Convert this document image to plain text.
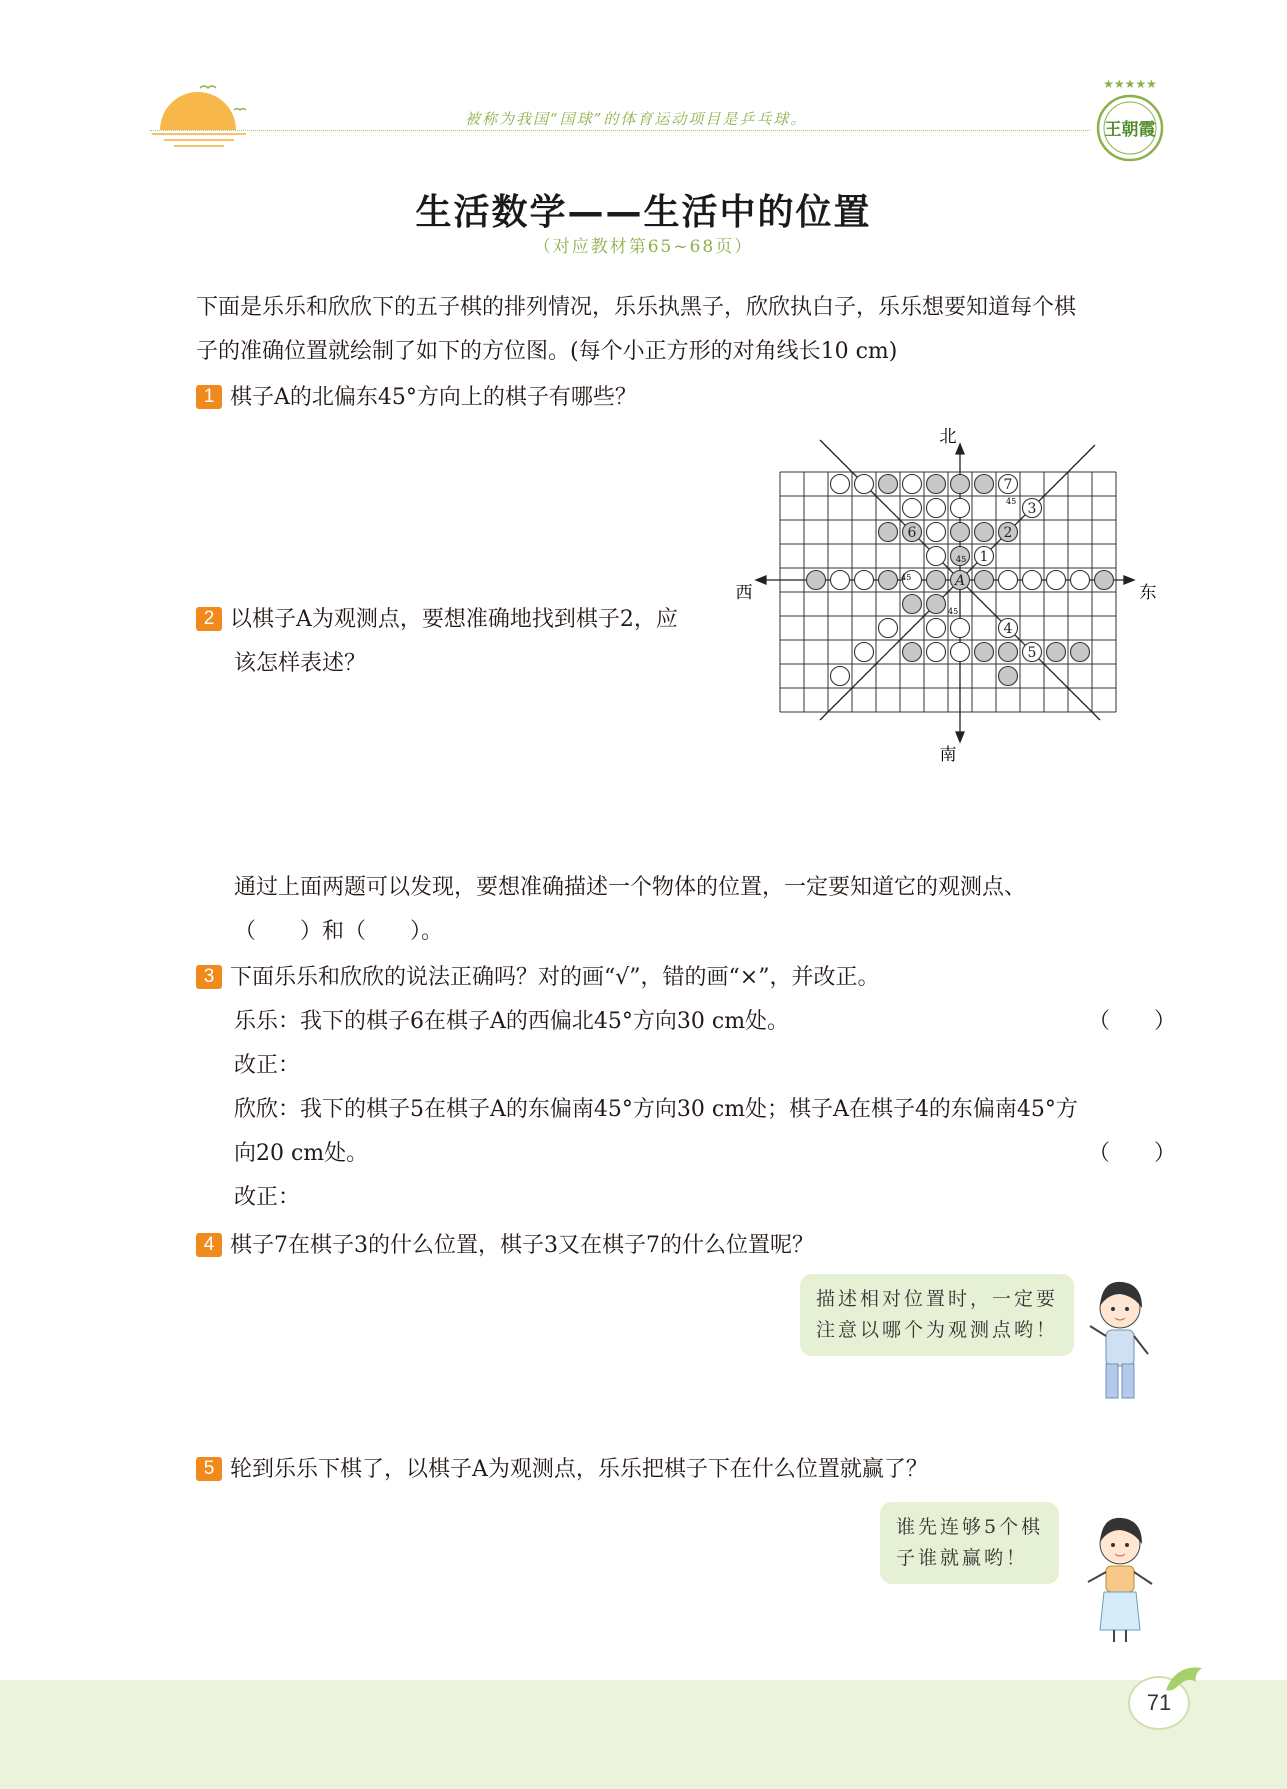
被称为我国“国球”的体育运动项目是乒乓球。
★★★★★
王朝霞
生活数学——生活中的位置
（对应教材第65~68页）
下面是乐乐和欣欣下的五子棋的排列情况，乐乐执黑子，欣欣执白子，乐乐想要知道每个棋
子的准确位置就绘制了如下的方位图。(每个小正方形的对角线长10 cm)
1 棋子A的北偏东45°方向上的棋子有哪些？
2 以棋子A为观测点，要想准确地找到棋子2，应
该怎样表述？
1
2
3
4
5
6
7
A
北
南
西	东
45
45
45
45
通过上面两题可以发现，要想准确描述一个物体的位置，一定要知道它的观测点、
（　　）和（　　）。
3 下面乐乐和欣欣的说法正确吗？对的画“√”，错的画“×”，并改正。
乐乐：我下的棋子6在棋子A的西偏北45°方向30 cm处。	（　　）
改正：
欣欣：我下的棋子5在棋子A的东偏南45°方向30 cm处；棋子A在棋子4的东偏南45°方
向20 cm处。	（　　）
改正：
4 棋子7在棋子3的什么位置，棋子3又在棋子7的什么位置呢？
描述相对位置时，一定要
注意以哪个为观测点哟！
5 轮到乐乐下棋了，以棋子A为观测点，乐乐把棋子下在什么位置就赢了？
谁先连够5个棋
子谁就赢哟！
71
